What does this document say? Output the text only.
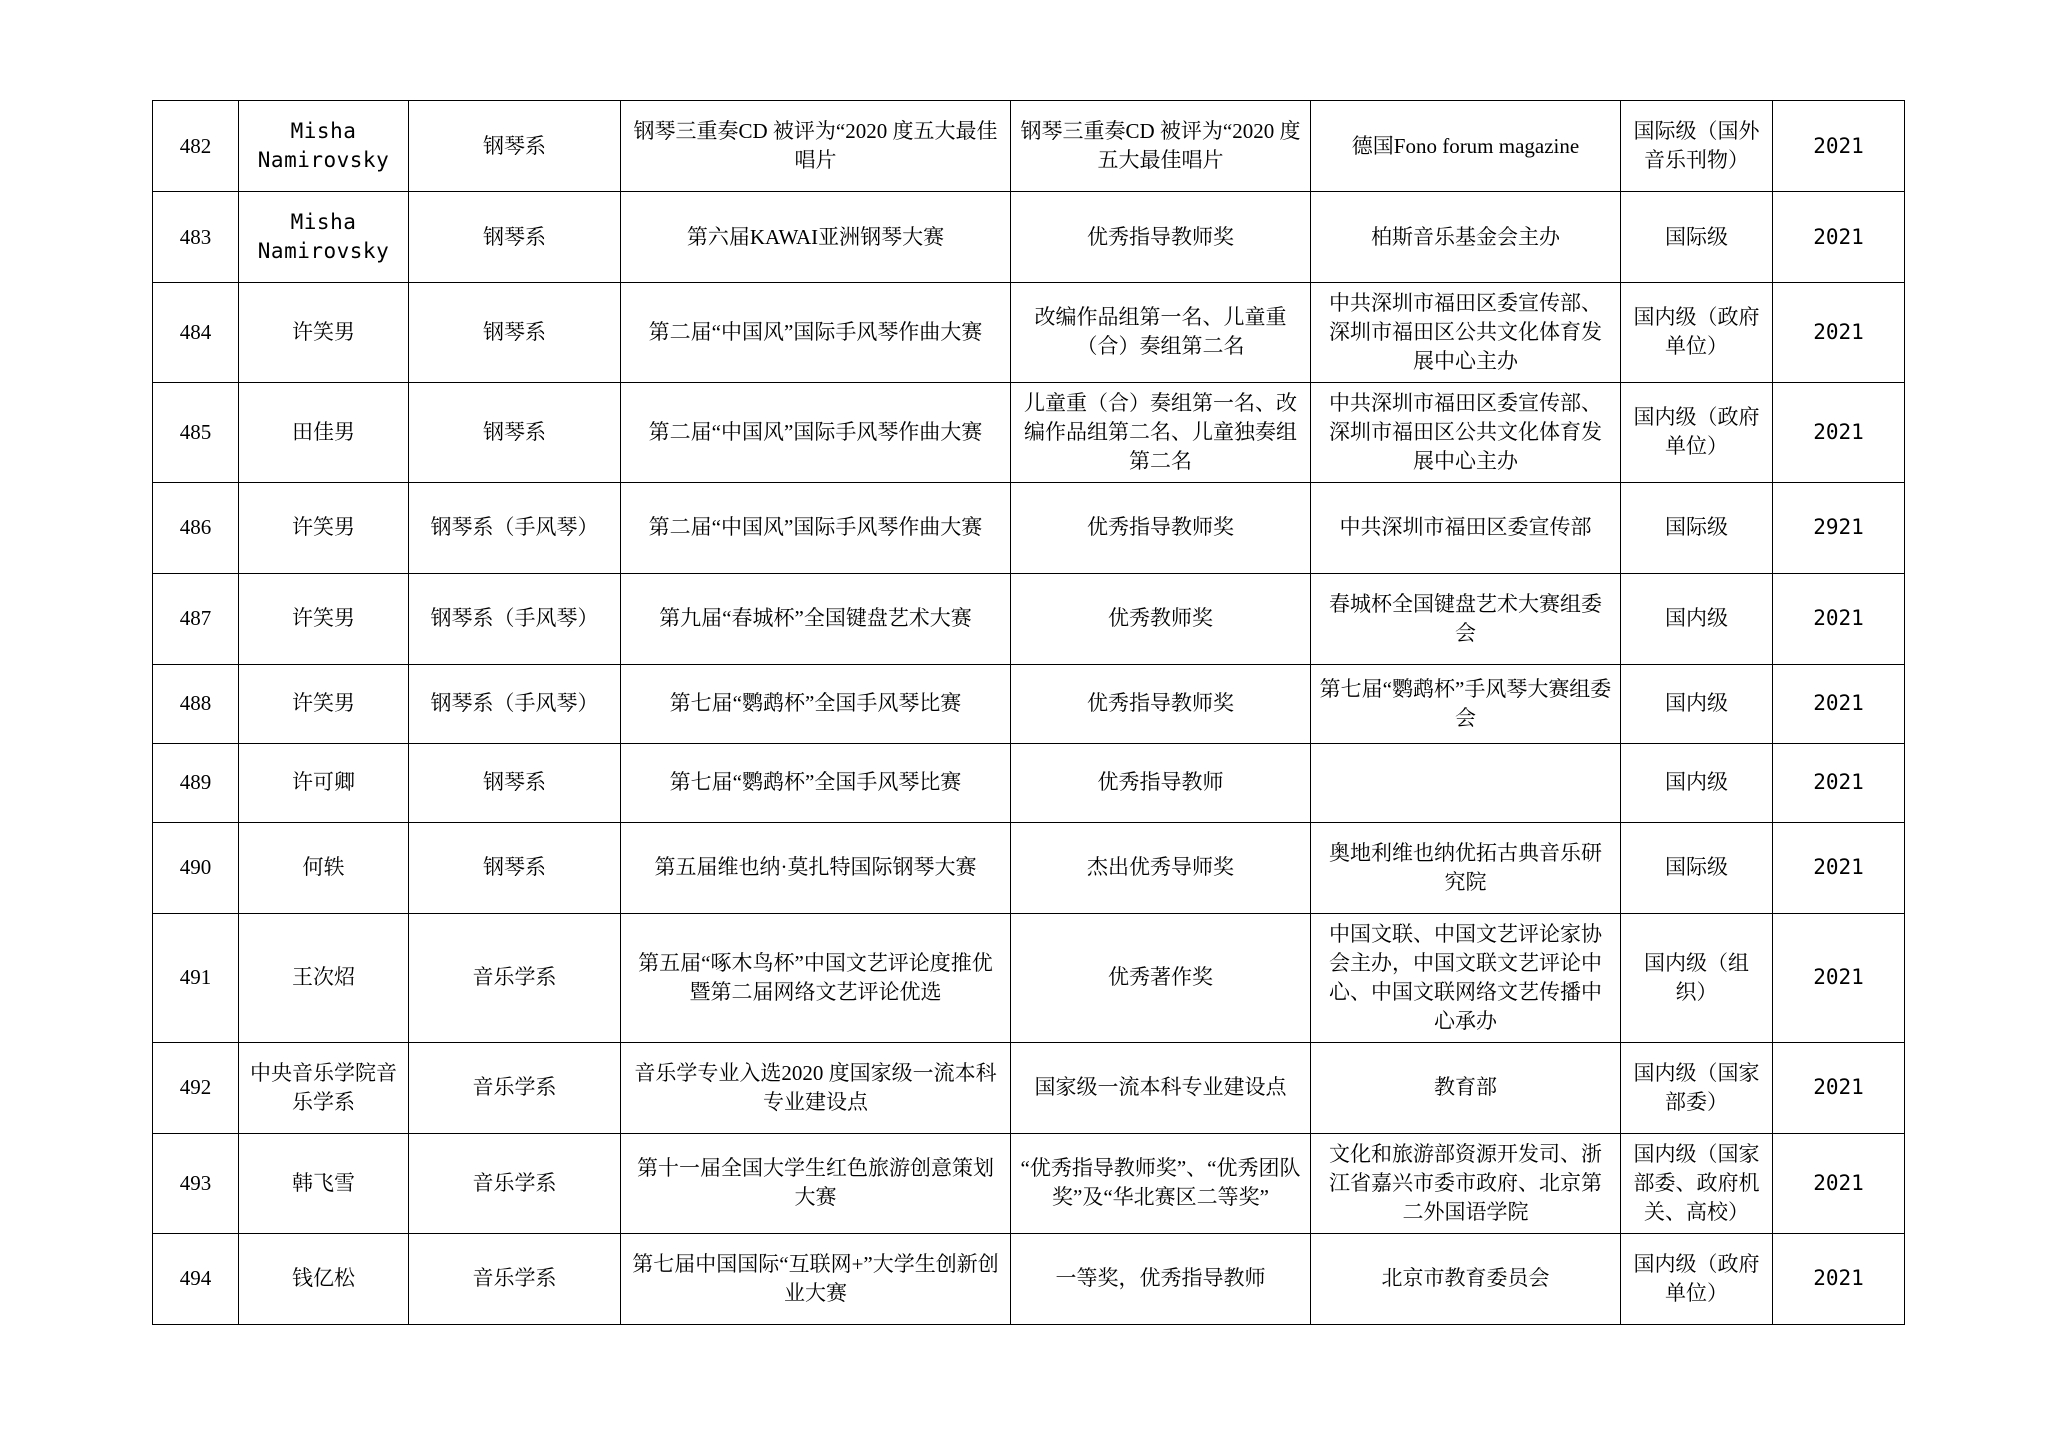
482	Misha Namirovsky	钢琴系	钢琴三重奏CD 被评为“2020 度五大最佳唱片	钢琴三重奏CD 被评为“2020 度五大最佳唱片	德国Fono forum magazine	国际级（国外音乐刊物）	2021
483	Misha Namirovsky	钢琴系	第六届KAWAI亚洲钢琴大赛	优秀指导教师奖	柏斯音乐基金会主办	国际级	2021
484	许笑男	钢琴系	第二届“中国风”国际手风琴作曲大赛	改编作品组第一名、儿童重（合）奏组第二名	中共深圳市福田区委宣传部、深圳市福田区公共文化体育发展中心主办	国内级（政府单位）	2021
485	田佳男	钢琴系	第二届“中国风”国际手风琴作曲大赛	儿童重（合）奏组第一名、改编作品组第二名、儿童独奏组第二名	中共深圳市福田区委宣传部、深圳市福田区公共文化体育发展中心主办	国内级（政府单位）	2021
486	许笑男	钢琴系（手风琴）	第二届“中国风”国际手风琴作曲大赛	优秀指导教师奖	中共深圳市福田区委宣传部	国际级	2921
487	许笑男	钢琴系（手风琴）	第九届“春城杯”全国键盘艺术大赛	优秀教师奖	春城杯全国键盘艺术大赛组委会	国内级	2021
488	许笑男	钢琴系（手风琴）	第七届“鹦鹉杯”全国手风琴比赛	优秀指导教师奖	第七届“鹦鹉杯”手风琴大赛组委会	国内级	2021
489	许可卿	钢琴系	第七届“鹦鹉杯”全国手风琴比赛	优秀指导教师		国内级	2021
490	何轶	钢琴系	第五届维也纳·莫扎特国际钢琴大赛	杰出优秀导师奖	奥地利维也纳优拓古典音乐研究院	国际级	2021
491	王次炤	音乐学系	第五届“啄木鸟杯”中国文艺评论度推优暨第二届网络文艺评论优选	优秀著作奖	中国文联、中国文艺评论家协会主办，中国文联文艺评论中心、中国文联网络文艺传播中心承办	国内级（组织）	2021
492	中央音乐学院音乐学系	音乐学系	音乐学专业入选2020 度国家级一流本科专业建设点	国家级一流本科专业建设点	教育部	国内级（国家部委）	2021
493	韩飞雪	音乐学系	第十一届全国大学生红色旅游创意策划大赛	“优秀指导教师奖”、“优秀团队奖”及“华北赛区二等奖”	文化和旅游部资源开发司、浙江省嘉兴市委市政府、北京第二外国语学院	国内级（国家部委、政府机关、高校）	2021
494	钱亿松	音乐学系	第七届中国国际“互联网+”大学生创新创业大赛	一等奖，优秀指导教师	北京市教育委员会	国内级（政府单位）	2021
